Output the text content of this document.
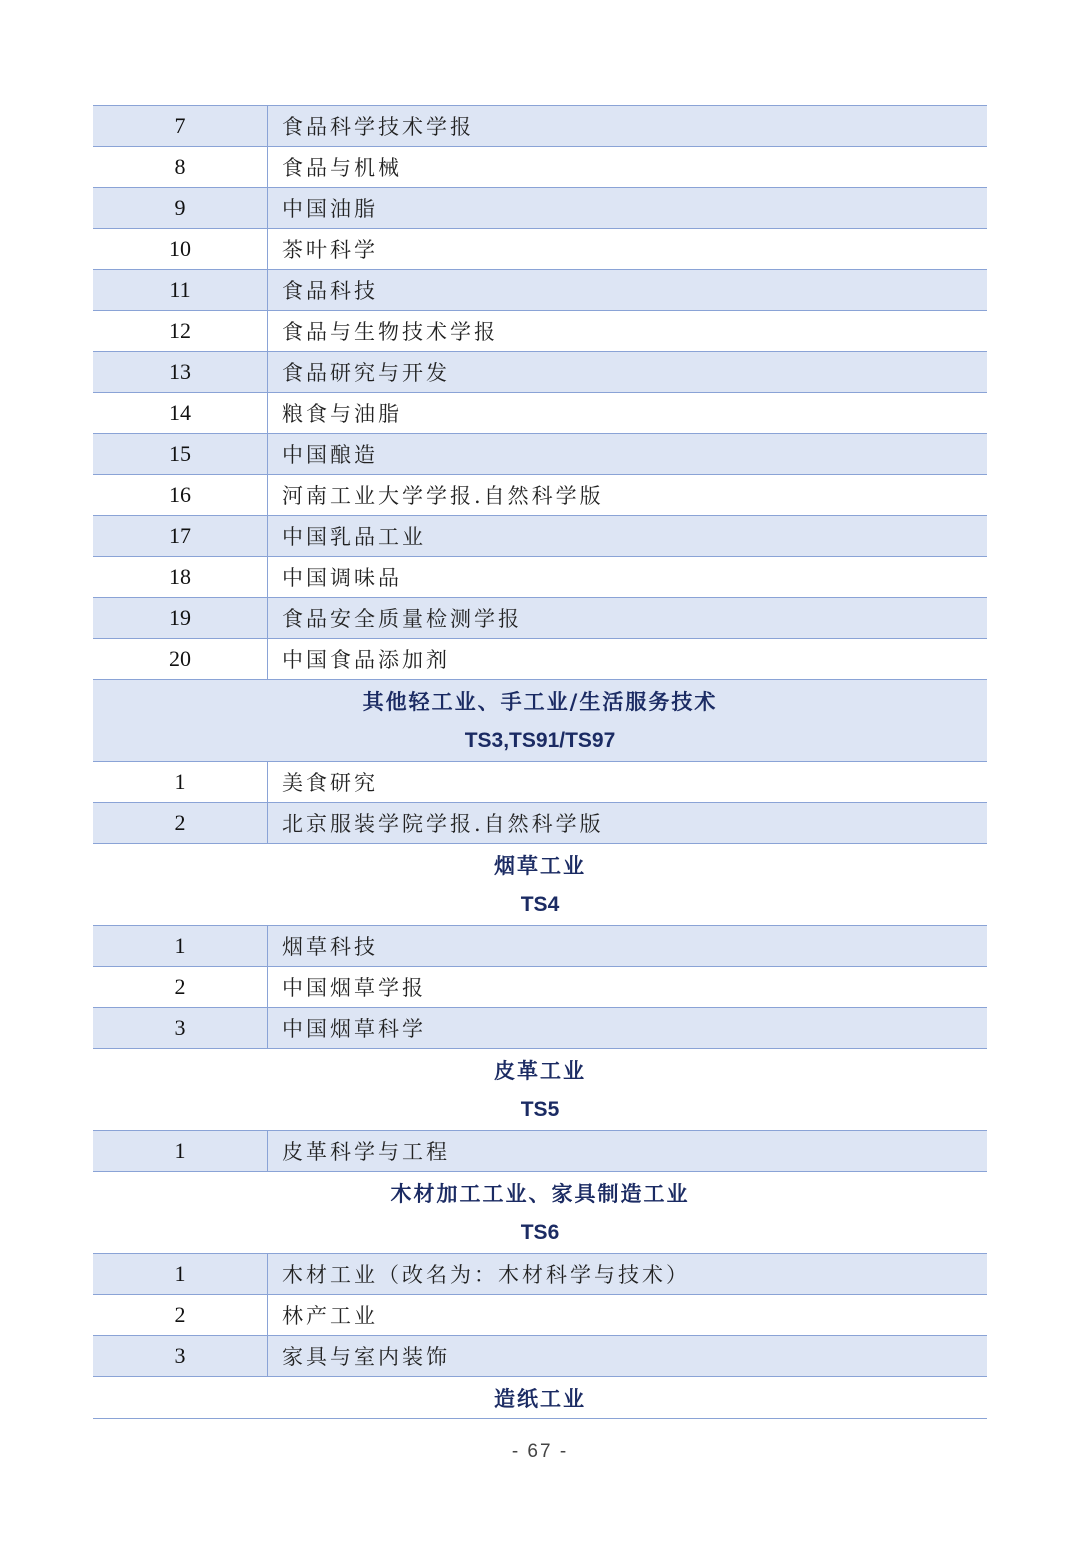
7	食品科学技术学报
8	食品与机械
9	中国油脂
10	茶叶科学
11	食品科技
12	食品与生物技术学报
13	食品研究与开发
14	粮食与油脂
15	中国酿造
16	河南工业大学学报.自然科学版
17	中国乳品工业
18	中国调味品
19	食品安全质量检测学报
20	中国食品添加剂
其他轻工业、手工业/生活服务技术
TS3,TS91/TS97
1	美食研究
2	北京服装学院学报.自然科学版
烟草工业
TS4
1	烟草科技
2	中国烟草学报
3	中国烟草科学
皮革工业
TS5
1	皮革科学与工程
木材加工工业、家具制造工业
TS6
1	木材工业（改名为：木材科学与技术）
2	林产工业
3	家具与室内装饰
造纸工业
- 67 -
